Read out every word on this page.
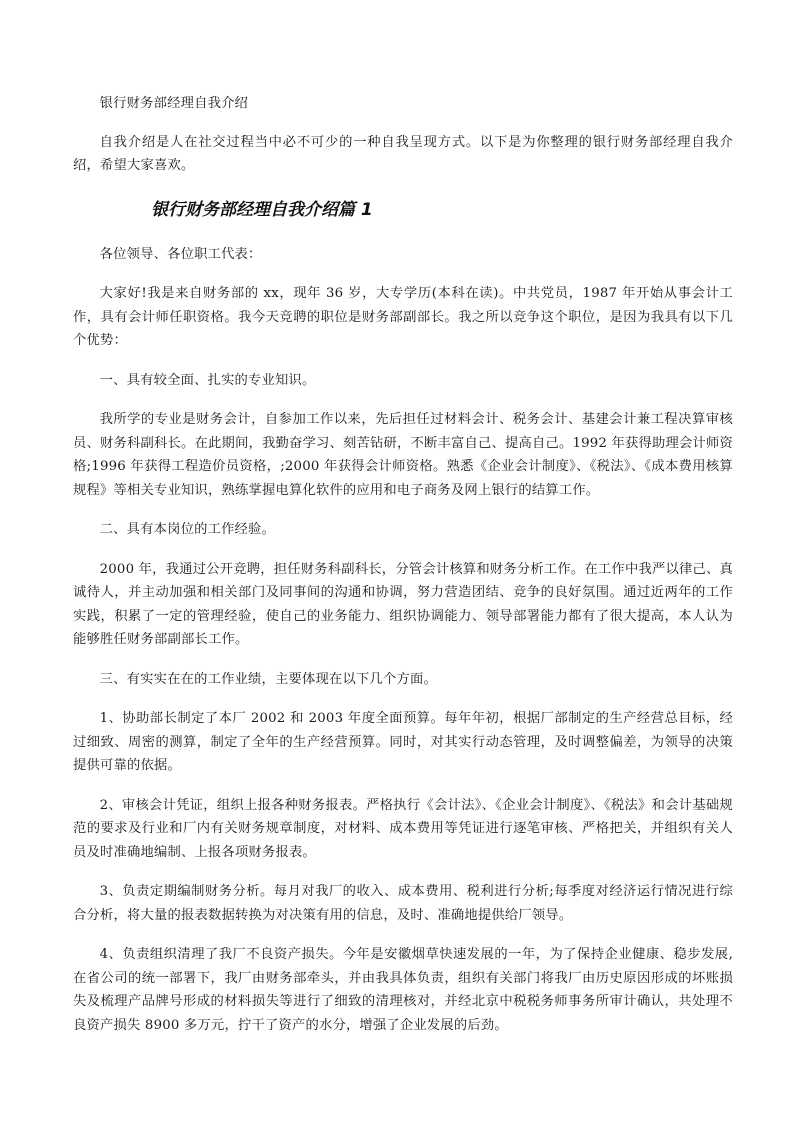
银行财务部经理自我介绍

自我介绍是人在社交过程当中必不可少的一种自我呈现方式。以下是为你整理的银行财务部经理自我介绍，希望大家喜欢。

银行财务部经理自我介绍篇 1

各位领导、各位职工代表：

大家好!我是来自财务部的 xx，现年 36 岁，大专学历(本科在读)。中共党员，1987 年开始从事会计工作，具有会计师任职资格。我今天竞聘的职位是财务部副部长。我之所以竞争这个职位，是因为我具有以下几个优势：

一、具有较全面、扎实的专业知识。

我所学的专业是财务会计，自参加工作以来，先后担任过材料会计、税务会计、基建会计兼工程决算审核员、财务科副科长。在此期间，我勤奋学习、刻苦钻研，不断丰富自己、提高自己。1992 年获得助理会计师资格;1996 年获得工程造价员资格，;2000 年获得会计师资格。熟悉《企业会计制度》、《税法》、《成本费用核算规程》等相关专业知识，熟练掌握电算化软件的应用和电子商务及网上银行的结算工作。

二、具有本岗位的工作经验。

2000 年，我通过公开竞聘，担任财务科副科长，分管会计核算和财务分析工作。在工作中我严以律己、真诚待人，并主动加强和相关部门及同事间的沟通和协调，努力营造团结、竞争的良好氛围。通过近两年的工作实践，积累了一定的管理经验，使自己的业务能力、组织协调能力、领导部署能力都有了很大提高，本人认为能够胜任财务部副部长工作。

三、有实实在在的工作业绩，主要体现在以下几个方面。

1、协助部长制定了本厂 2002 和 2003 年度全面预算。每年年初，根据厂部制定的生产经营总目标，经过细致、周密的测算，制定了全年的生产经营预算。同时，对其实行动态管理，及时调整偏差，为领导的决策提供可靠的依据。

2、审核会计凭证，组织上报各种财务报表。严格执行《会计法》、《企业会计制度》、《税法》和会计基础规范的要求及行业和厂内有关财务规章制度，对材料、成本费用等凭证进行逐笔审核、严格把关，并组织有关人员及时准确地编制、上报各项财务报表。

3、负责定期编制财务分析。每月对我厂的收入、成本费用、税利进行分析;每季度对经济运行情况进行综合分析，将大量的报表数据转换为对决策有用的信息，及时、准确地提供给厂领导。

4、负责组织清理了我厂不良资产损失。今年是安徽烟草快速发展的一年，为了保持企业健康、稳步发展,在省公司的统一部署下，我厂由财务部牵头，并由我具体负责，组织有关部门将我厂由历史原因形成的坏账损失及梳理产品牌号形成的材料损失等进行了细致的清理核对，并经北京中税税务师事务所审计确认，共处理不良资产损失 8900 多万元，拧干了资产的水分，增强了企业发展的后劲。
